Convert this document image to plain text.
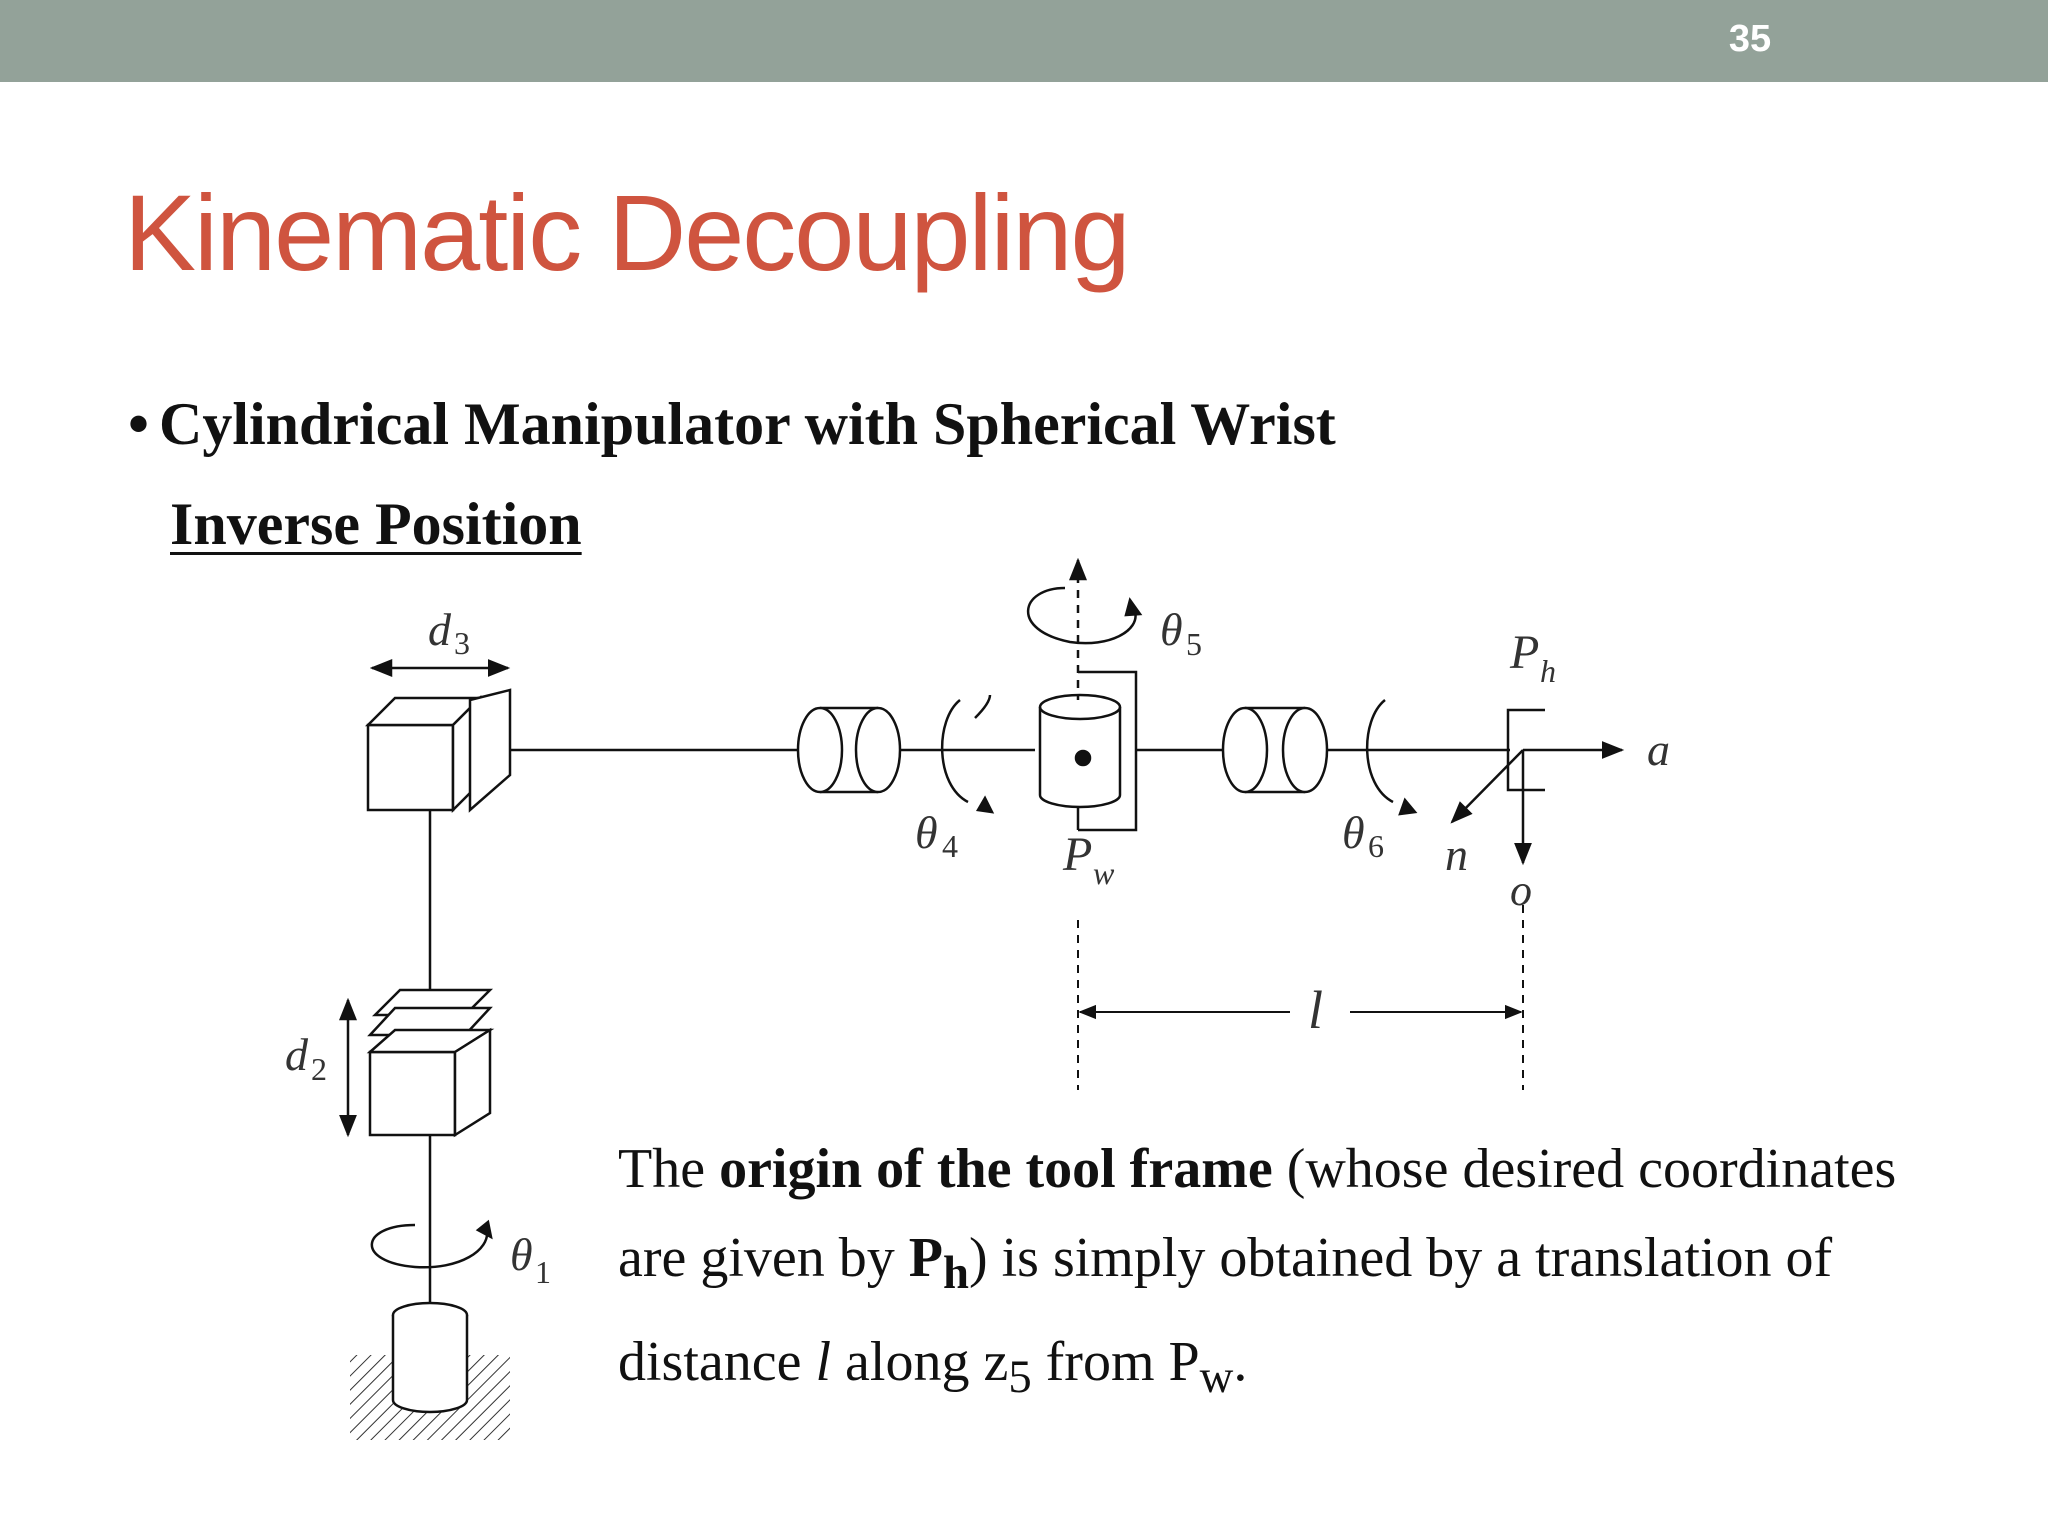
35
Kinematic Decoupling
• Cylindrical Manipulator with Spherical Wrist
Inverse Position
d 3
d 2
θ 1
θ 4
θ 5
θ 6
P w
P h
a
n
o
l
The origin of the tool frame (whose desired coordinates are given by $P_h$) is simply obtained by a translation of distance l along $z_5$ from $P_w$.
